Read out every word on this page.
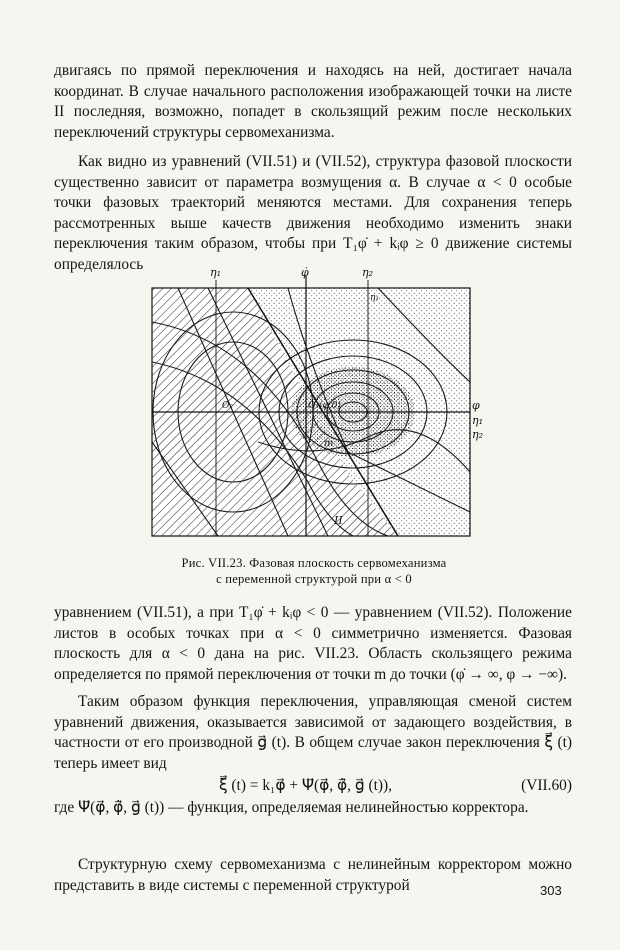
двигаясь по прямой переключения и находясь на ней, достигает начала координат. В случае начального расположения изображающей точки на листе II последняя, возможно, попадет в скользящий режим после нескольких переключений структуры сервомеханизма.

Как видно из уравнений (VII.51) и (VII.52), структура фазовой плоскости существенно зависит от параметра возмущения α. В случае α < 0 особые точки фазовых траекторий меняются местами. Для сохранения теперь рассмотренных выше качеств движения необходимо изменить знаки переключения таким образом, чтобы при T₁φ̇ + kᵢφ ≥ 0 движение системы определялось	η₁	φ̇	η₂
φ
η₁
η₂
O₂	O₁(φ,0)
m
II
η₁
Рис. VII.23. Фазовая плоскость сервомеханизма
с переменной структурой при α < 0

уравнением (VII.51), а при T₁φ̇ + kᵢφ < 0 — уравнением (VII.52). Положение листов в особых точках при α < 0 симметрично изменяется. Фазовая плоскость для α < 0 дана на рис. VII.23. Область скользящего режима определяется по прямой переключения от точки m до точки (φ̇ → ∞, φ → −∞).

Таким образом функция переключения, управляющая сменой систем уравнений движения, оказывается зависимой от задающего воздействия, в частности от его производной g⃗ (t). В общем случае закон переключения ξ⃗ (t) теперь имеет вид

ξ⃗ (t) = k₁φ⃗ + Ψ⃗(φ⃗, φ⃗̇, g⃗ (t)),	(VII.60)

где Ψ⃗(φ⃗, φ⃗̇, g⃗ (t)) — функция, определяемая нелинейностью корректора.

Структурную схему сервомеханизма с нелинейным корректором можно представить в виде системы с переменной структурой	303
